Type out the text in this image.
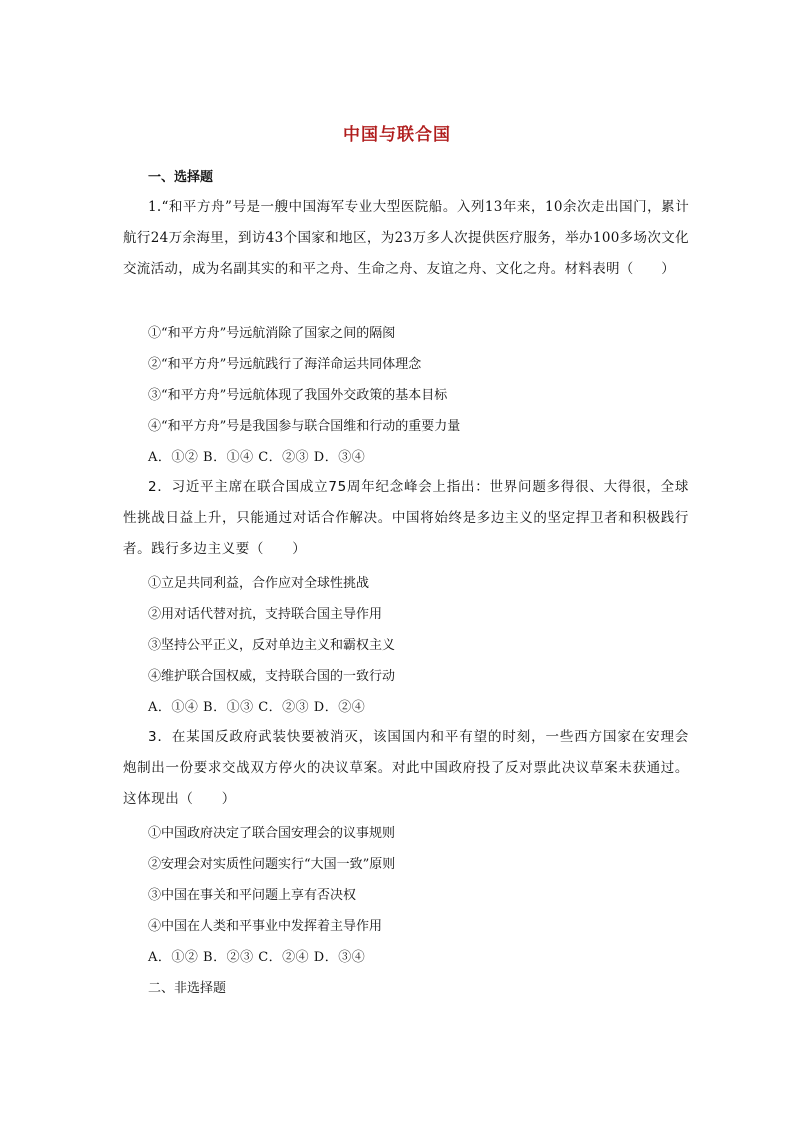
中国与联合国
一、选择题

1.“和平方舟”号是一艘中国海军专业大型医院船。入列13年来，10余次走出国门，累计航行24万余海里，到访43个国家和地区，为23万多人次提供医疗服务，举办100多场次文化交流活动，成为名副其实的和平之舟、生命之舟、友谊之舟、文化之舟。材料表明（　　）

①“和平方舟”号远航消除了国家之间的隔阂
②“和平方舟”号远航践行了海洋命运共同体理念
③“和平方舟”号远航体现了我国外交政策的基本目标
④“和平方舟”号是我国参与联合国维和行动的重要力量
A．①② B．①④ C．②③ D．③④

2．习近平主席在联合国成立75周年纪念峰会上指出：世界问题多得很、大得很，全球性挑战日益上升，只能通过对话合作解决。中国将始终是多边主义的坚定捍卫者和积极践行者。践行多边主义要（　　）

①立足共同利益，合作应对全球性挑战
②用对话代替对抗，支持联合国主导作用
③坚持公平正义，反对单边主义和霸权主义
④维护联合国权威，支持联合国的一致行动
A．①④ B．①③ C．②③ D．②④

3．在某国反政府武装快要被消灭，该国国内和平有望的时刻，一些西方国家在安理会炮制出一份要求交战双方停火的决议草案。对此中国政府投了反对票此决议草案未获通过。这体现出（　　）

①中国政府决定了联合国安理会的议事规则
②安理会对实质性问题实行“大国一致”原则
③中国在事关和平问题上享有否决权
④中国在人类和平事业中发挥着主导作用
A．①② B．②③ C．②④ D．③④
二、非选择题
